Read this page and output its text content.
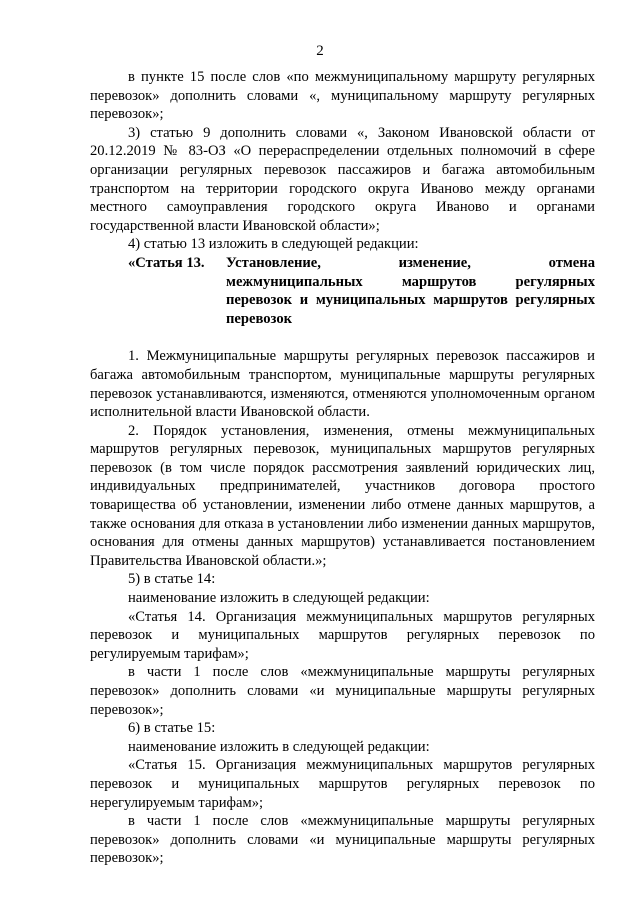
2

в пункте 15 после слов «по межмуниципальному маршруту регулярных перевозок» дополнить словами «, муниципальному маршруту регулярных перевозок»;

3) статью 9 дополнить словами «, Законом Ивановской области от 20.12.2019 № 83-ОЗ «О перераспределении отдельных полномочий в сфере организации регулярных перевозок пассажиров и багажа автомобильным транспортом на территории городского округа Иваново между органами местного самоуправления городского округа Иваново и органами государственной власти Ивановской области»;

4) статью 13 изложить в следующей редакции:

«Статья 13.	Установление, изменение, отмена
межмуниципальных маршрутов регулярных
перевозок и муниципальных маршрутов регулярных
перевозок

1. Межмуниципальные маршруты регулярных перевозок пассажиров и багажа автомобильным транспортом, муниципальные маршруты регулярных перевозок устанавливаются, изменяются, отменяются уполномоченным органом исполнительной власти Ивановской области.

2. Порядок установления, изменения, отмены межмуниципальных маршрутов регулярных перевозок, муниципальных маршрутов регулярных перевозок (в том числе порядок рассмотрения заявлений юридических лиц, индивидуальных предпринимателей, участников договора простого товарищества об установлении, изменении либо отмене данных маршрутов, а также основания для отказа в установлении либо изменении данных маршрутов, основания для отмены данных маршрутов) устанавливается постановлением Правительства Ивановской области.»;

5) в статье 14:

наименование изложить в следующей редакции:

«Статья 14. Организация межмуниципальных маршрутов регулярных перевозок и муниципальных маршрутов регулярных перевозок по регулируемым тарифам»;

в части 1 после слов «межмуниципальные маршруты регулярных перевозок» дополнить словами «и муниципальные маршруты регулярных перевозок»;

6) в статье 15:

наименование изложить в следующей редакции:

«Статья 15. Организация межмуниципальных маршрутов регулярных перевозок и муниципальных маршрутов регулярных перевозок по нерегулируемым тарифам»;

в части 1 после слов «межмуниципальные маршруты регулярных перевозок» дополнить словами «и муниципальные маршруты регулярных перевозок»;
